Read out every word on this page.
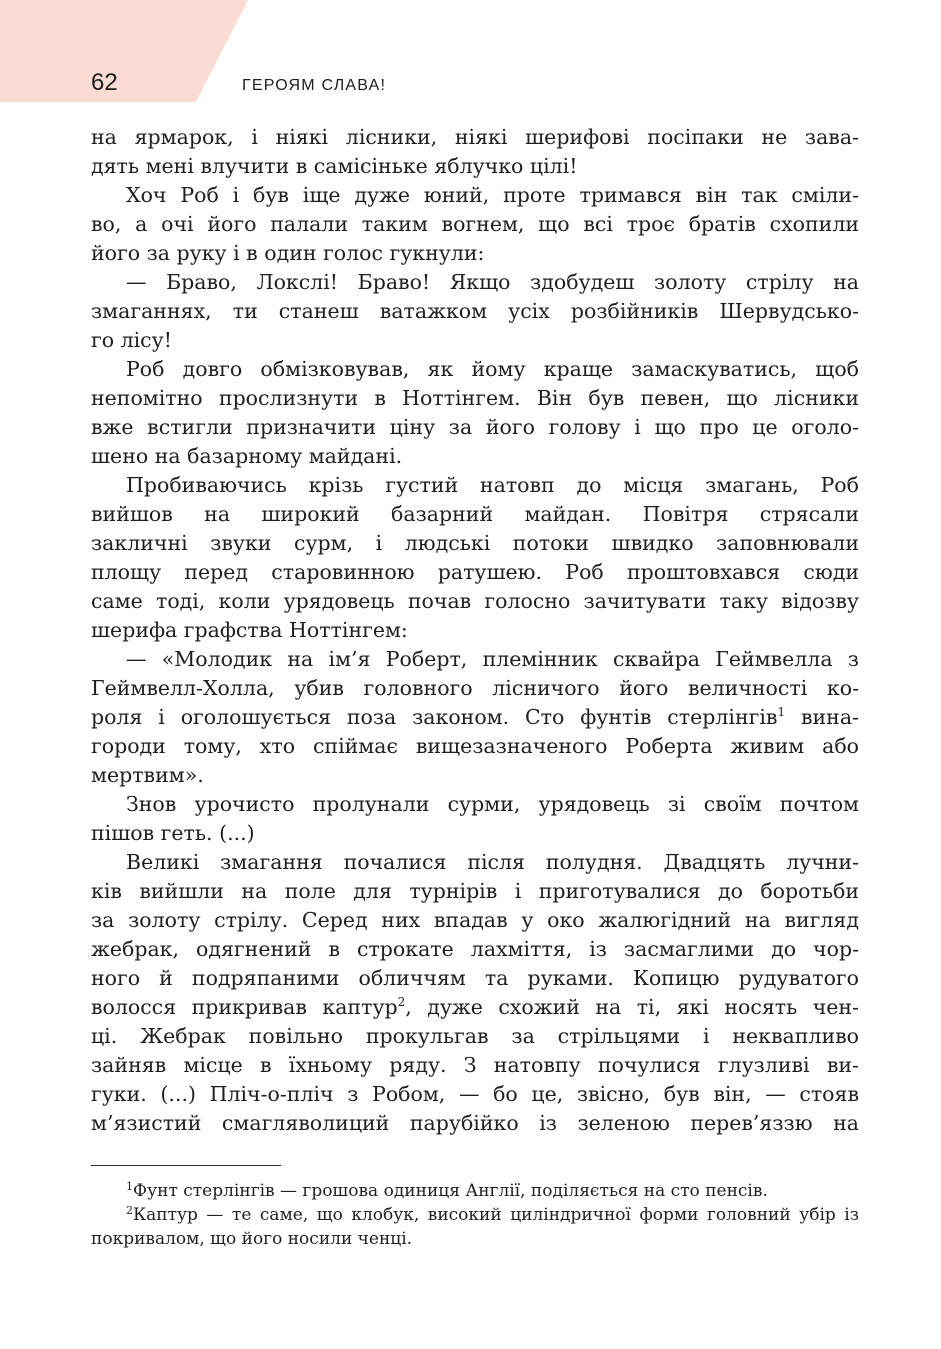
62	ГЕРОЯМ СЛАВА!
на ярмарок, і ніякі лісники, ніякі шерифові посіпаки не зава-
дять мені влучити в самісіньке яблучко цілі!
Хоч Роб і був іще дуже юний, проте тримався він так сміли-
во, а очі його палали таким вогнем, що всі троє братів схопили
його за руку і в один голос гукнули:
— Браво, Локслі! Браво! Якщо здобудеш золоту стрілу на
змаганнях, ти станеш ватажком усіх розбійників Шервудсько-
го лісу!
Роб довго обмізковував, як йому краще замаскуватись, щоб
непомітно прослизнути в Ноттінгем. Він був певен, що лісники
вже встигли призначити ціну за його голову і що про це оголо-
шено на базарному майдані.
Пробиваючись крізь густий натовп до місця змагань, Роб
вийшов на широкий базарний майдан. Повітря стрясали
закличні звуки сурм, і людські потоки швидко заповнювали
площу перед старовинною ратушею. Роб проштовхався сюди
саме тоді, коли урядовець почав голосно зачитувати таку відозву
шерифа графства Ноттінгем:
— «Молодик на ім’я Роберт, племінник сквайра Геймвелла з
Геймвелл-Холла, убив головного лісничого його величності ко-
роля і оголошується поза законом. Сто фунтів стерлінгів$^1$ вина-
городи тому, хто спіймає вищезазначеного Роберта живим або
мертвим».
Знов урочисто пролунали сурми, урядовець зі своїм почтом
пішов геть. (...)
Великі змагання почалися після полудня. Двадцять лучни-
ків вийшли на поле для турнірів і приготувалися до боротьби
за золоту стрілу. Серед них впадав у око жалюгідний на вигляд
жебрак, одягнений в строкате лахміття, із засмаглими до чор-
ного й подряпаними обличчям та руками. Копицю рудуватого
волосся прикривав каптур$^2$, дуже схожий на ті, які носять чен-
ці. Жебрак повільно прокульгав за стрільцями і неквапливо
зайняв місце в їхньому ряду. З натовпу почулися глузливі ви-
гуки. (...) Пліч-о-пліч з Робом, — бо це, звісно, був він, — стояв
м’язистий смагляволиций парубійко із зеленою перев’яззю на
$^1$Фунт стерлінгів — грошова одиниця Англії, поділяється на сто пенсів.
$^2$Каптур — те саме, що клобук, високий циліндричної форми головний убір із
покривалом, що його носили ченці.
